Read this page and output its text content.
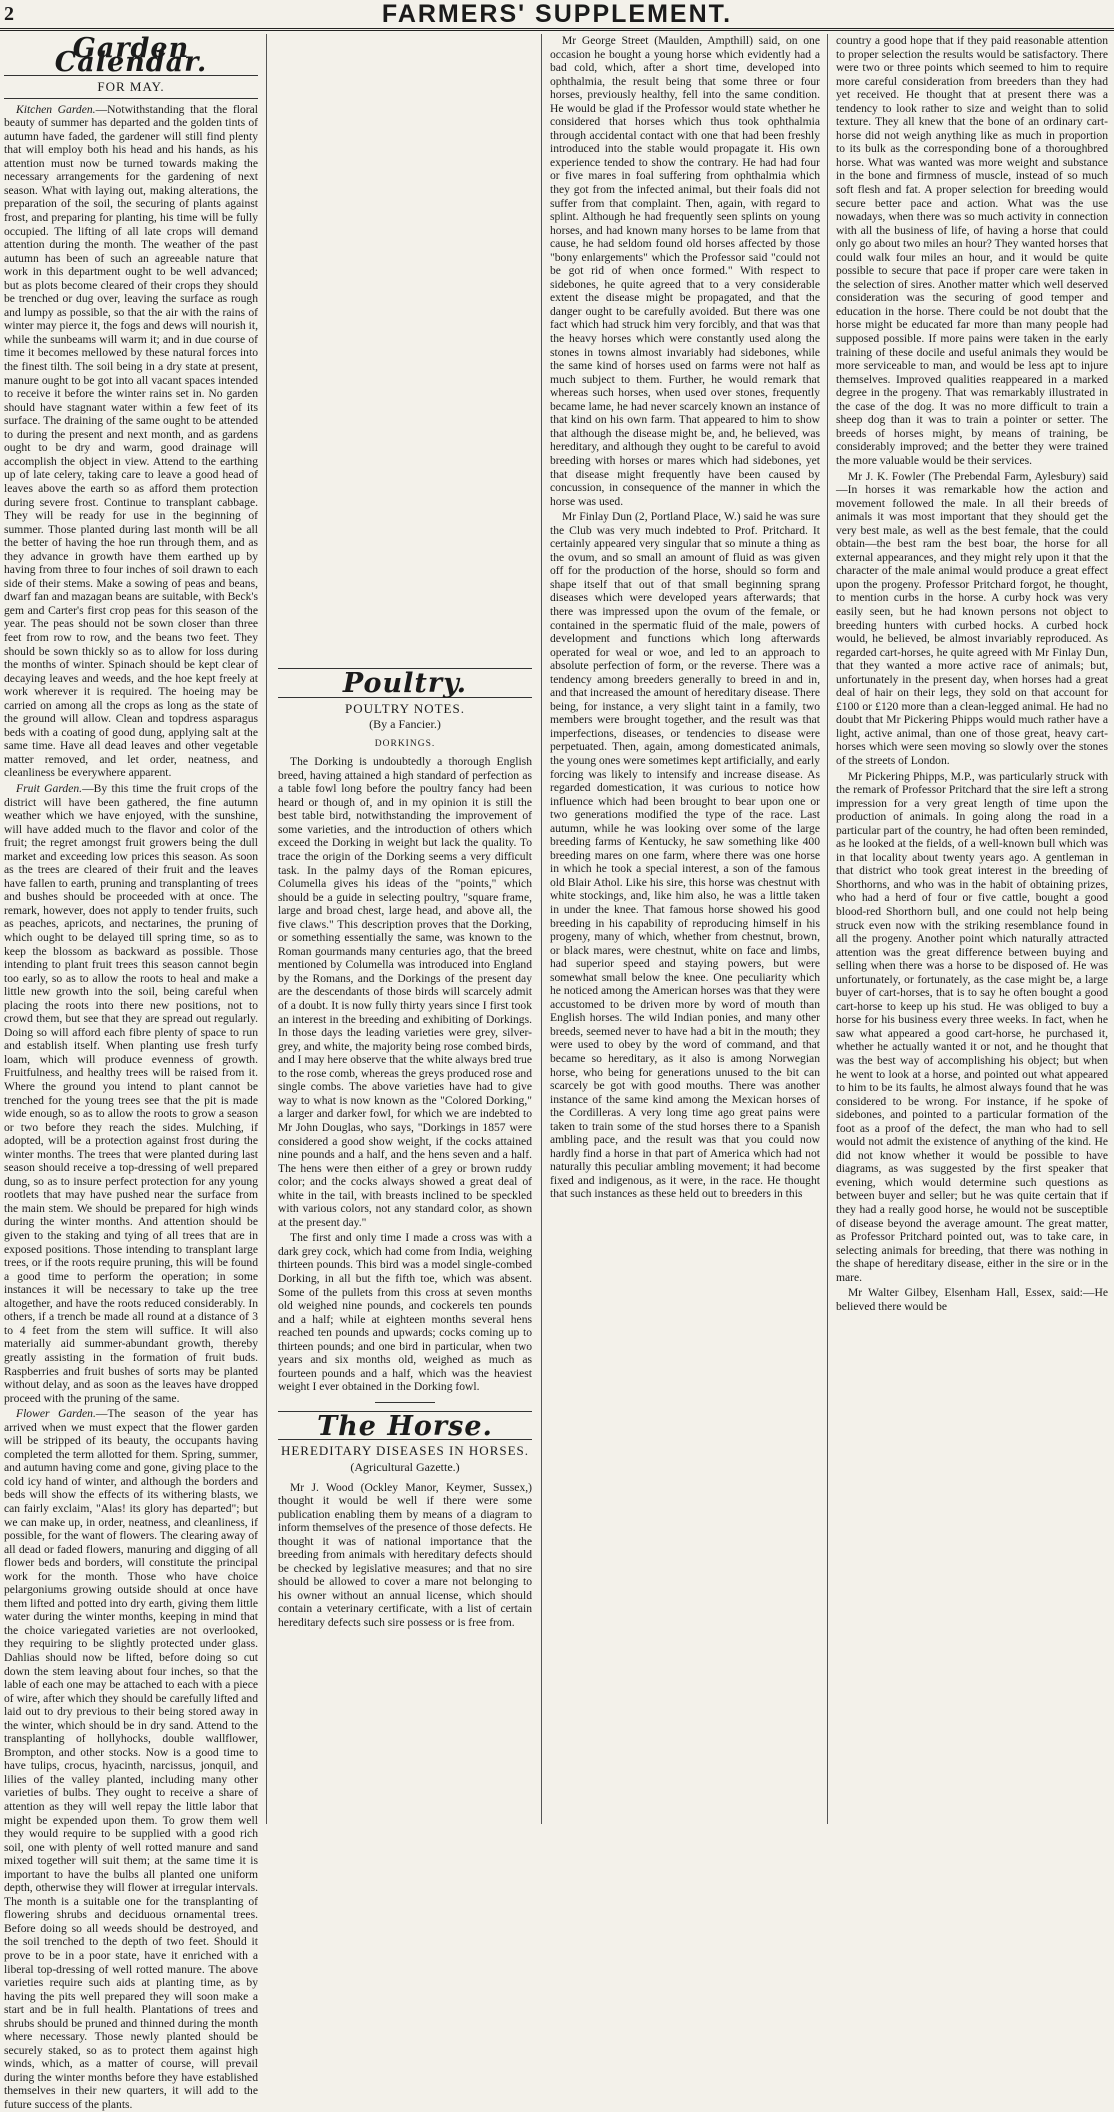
2	FARMERS' SUPPLEMENT.
Garden Calendar.
FOR MAY.

Kitchen Garden.—Notwithstanding that the floral beauty of summer has departed and the golden tints of autumn have faded, the gardener will still find plenty that will employ both his head and his hands, as his attention must now be turned towards making the necessary arrangements for the gardening of next season. What with laying out, making alterations, the preparation of the soil, the securing of plants against frost, and preparing for planting, his time will be fully occupied. The lifting of all late crops will demand attention during the month. The weather of the past autumn has been of such an agreeable nature that work in this department ought to be well advanced; but as plots become cleared of their crops they should be trenched or dug over, leaving the surface as rough and lumpy as possible, so that the air with the rains of winter may pierce it, the fogs and dews will nourish it, while the sunbeams will warm it; and in due course of time it becomes mellowed by these natural forces into the finest tilth. The soil being in a dry state at present, manure ought to be got into all vacant spaces intended to receive it before the winter rains set in. No garden should have stagnant water within a few feet of its surface. The draining of the same ought to be attended to during the present and next month, and as gardens ought to be dry and warm, good drainage will accomplish the object in view. Attend to the earthing up of late celery, taking care to leave a good head of leaves above the earth so as afford them protection during severe frost. Continue to transplant cabbage. They will be ready for use in the beginning of summer. Those planted during last month will be all the better of having the hoe run through them, and as they advance in growth have them earthed up by having from three to four inches of soil drawn to each side of their stems. Make a sowing of peas and beans, dwarf fan and mazagan beans are suitable, with Beck's gem and Carter's first crop peas for this season of the year. The peas should not be sown closer than three feet from row to row, and the beans two feet. They should be sown thickly so as to allow for loss during the months of winter. Spinach should be kept clear of decaying leaves and weeds, and the hoe kept freely at work wherever it is required. The hoeing may be carried on among all the crops as long as the state of the ground will allow. Clean and topdress asparagus beds with a coating of good dung, applying salt at the same time. Have all dead leaves and other vegetable matter removed, and let order, neatness, and cleanliness be everywhere apparent.

Fruit Garden.—By this time the fruit crops of the district will have been gathered, the fine autumn weather which we have enjoyed, with the sunshine, will have added much to the flavor and color of the fruit; the regret amongst fruit growers being the dull market and exceeding low prices this season. As soon as the trees are cleared of their fruit and the leaves have fallen to earth, pruning and transplanting of trees and bushes should be proceeded with at once. The remark, however, does not apply to tender fruits, such as peaches, apricots, and nectarines, the pruning of which ought to be delayed till spring time, so as to keep the blossom as backward as possible. Those intending to plant fruit trees this season cannot begin too early, so as to allow the roots to heal and make a little new growth into the soil, being careful when placing the roots into there new positions, not to crowd them, but see that they are spread out regularly. Doing so will afford each fibre plenty of space to run and establish itself. When planting use fresh turfy loam, which will produce evenness of growth. Fruitfulness, and healthy trees will be raised from it. Where the ground you intend to plant cannot be trenched for the young trees see that the pit is made wide enough, so as to allow the roots to grow a season or two before they reach the sides. Mulching, if adopted, will be a protection against frost during the winter months. The trees that were planted during last season should receive a top-dressing of well prepared dung, so as to insure perfect protection for any young rootlets that may have pushed near the surface from the main stem. We should be prepared for high winds during the winter months. And attention should be given to the staking and tying of all trees that are in exposed positions. Those intending to transplant large trees, or if the roots require pruning, this will be found a good time to perform the operation; in some instances it will be necessary to take up the tree altogether, and have the roots reduced considerably. In others, if a trench be made all round at a distance of 3 to 4 feet from the stem will suffice. It will also materially aid summer-abundant growth, thereby greatly assisting in the formation of fruit buds. Raspberries and fruit bushes of sorts may be planted without delay, and as soon as the leaves have dropped proceed with the pruning of the same.

Flower Garden.—The season of the year has arrived when we must expect that the flower garden will be stripped of its beauty, the occupants having completed the term allotted for them. Spring, summer, and autumn having come and gone, giving place to the cold icy hand of winter, and although the borders and beds will show the effects of its withering blasts, we can fairly exclaim, "Alas! its glory has departed"; but we can make up, in order, neatness, and cleanliness, if possible, for the want of flowers. The clearing away of all dead or faded flowers, manuring and digging of all flower beds and borders, will constitute the principal work for the month. Those who have choice pelargoniums growing outside should at once have them lifted and potted into dry earth, giving them little water during the winter months, keeping in mind that the choice variegated varieties are not overlooked, they requiring to be slightly protected under glass. Dahlias should now be lifted, before doing so cut down the stem leaving about four inches, so that the lable of each one may be attached to each with a piece of wire, after which they should be carefully lifted and laid out to dry previous to their being stored away in the winter, which should be in dry sand. Attend to the transplanting of hollyhocks, double wallflower, Brompton, and other stocks. Now is a good time to have tulips, crocus, hyacinth, narcissus, jonquil, and lilies of the valley planted, including many other varieties of bulbs. They ought to receive a share of attention as they will well repay the little labor that might be expended upon them. To grow them well they would require to be supplied with a good rich soil, one with plenty of well rotted manure and sand mixed together will suit them; at the same time it is important to have the bulbs all planted one uniform depth, otherwise they will flower at irregular intervals. The month is a suitable one for the transplanting of flowering shrubs and deciduous ornamental trees. Before doing so all weeds should be destroyed, and the soil trenched to the depth of two feet. Should it prove to be in a poor state, have it enriched with a liberal top-dressing of well rotted manure. The above varieties require such aids at planting time, as by having the pits well prepared they will soon make a start and be in full health. Plantations of trees and shrubs should be pruned and thinned during the month where necessary. Those newly planted should be securely staked, so as to protect them against high winds, which, as a matter of course, will prevail during the winter months before they have established themselves in their new quarters, it will add to the future success of the plants.

Poultry.
POULTRY NOTES.
(By a Fancier.)
DORKINGS.

The Dorking is undoubtedly a thorough English breed, having attained a high standard of perfection as a table fowl long before the poultry fancy had been heard or though of, and in my opinion it is still the best table bird, notwithstanding the improvement of some varieties, and the introduction of others which exceed the Dorking in weight but lack the quality. To trace the origin of the Dorking seems a very difficult task. In the palmy days of the Roman epicures, Columella gives his ideas of the "points," which should be a guide in selecting poultry, "square frame, large and broad chest, large head, and above all, the five claws." This description proves that the Dorking, or something essentially the same, was known to the Roman gourmands many centuries ago, that the breed mentioned by Columella was introduced into England by the Romans, and the Dorkings of the present day are the descendants of those birds will scarcely admit of a doubt. It is now fully thirty years since I first took an interest in the breeding and exhibiting of Dorkings. In those days the leading varieties were grey, silver-grey, and white, the majority being rose combed birds, and I may here observe that the white always bred true to the rose comb, whereas the greys produced rose and single combs. The above varieties have had to give way to what is now known as the "Colored Dorking," a larger and darker fowl, for which we are indebted to Mr John Douglas, who says, "Dorkings in 1857 were considered a good show weight, if the cocks attained nine pounds and a half, and the hens seven and a half. The hens were then either of a grey or brown ruddy color; and the cocks always showed a great deal of white in the tail, with breasts inclined to be speckled with various colors, not any standard color, as shown at the present day."

The first and only time I made a cross was with a dark grey cock, which had come from India, weighing thirteen pounds. This bird was a model single-combed Dorking, in all but the fifth toe, which was absent. Some of the pullets from this cross at seven months old weighed nine pounds, and cockerels ten pounds and a half; while at eighteen months several hens reached ten pounds and upwards; cocks coming up to thirteen pounds; and one bird in particular, when two years and six months old, weighed as much as fourteen pounds and a half, which was the heaviest weight I ever obtained in the Dorking fowl.

The Horse.
HEREDITARY DISEASES IN HORSES.
(Agricultural Gazette.)

Mr J. Wood (Ockley Manor, Keymer, Sussex,) thought it would be well if there were some publication enabling them by means of a diagram to inform themselves of the presence of those defects. He thought it was of national importance that the breeding from animals with hereditary defects should be checked by legislative measures; and that no sire should be allowed to cover a mare not belonging to his owner without an annual license, which should contain a veterinary certificate, with a list of certain hereditary defects such sire possess or is free from.

Mr George Street (Maulden, Ampthill) said, on one occasion he bought a young horse which evidently had a bad cold, which, after a short time, developed into ophthalmia, the result being that some three or four horses, previously healthy, fell into the same condition. He would be glad if the Professor would state whether he considered that horses which thus took ophthalmia through accidental contact with one that had been freshly introduced into the stable would propagate it. His own experience tended to show the contrary. He had had four or five mares in foal suffering from ophthalmia which they got from the infected animal, but their foals did not suffer from that complaint. Then, again, with regard to splint. Although he had frequently seen splints on young horses, and had known many horses to be lame from that cause, he had seldom found old horses affected by those "bony enlargements" which the Professor said "could not be got rid of when once formed." With respect to sidebones, he quite agreed that to a very considerable extent the disease might be propagated, and that the danger ought to be carefully avoided. But there was one fact which had struck him very forcibly, and that was that the heavy horses which were constantly used along the stones in towns almost invariably had sidebones, while the same kind of horses used on farms were not half as much subject to them. Further, he would remark that whereas such horses, when used over stones, frequently became lame, he had never scarcely known an instance of that kind on his own farm. That appeared to him to show that although the disease might be, and, he believed, was hereditary, and although they ought to be careful to avoid breeding with horses or mares which had sidebones, yet that disease might frequently have been caused by concussion, in consequence of the manner in which the horse was used.

Mr Finlay Dun (2, Portland Place, W.) said he was sure the Club was very much indebted to Prof. Pritchard. It certainly appeared very singular that so minute a thing as the ovum, and so small an amount of fluid as was given off for the production of the horse, should so form and shape itself that out of that small beginning sprang diseases which were developed years afterwards; that there was impressed upon the ovum of the female, or contained in the spermatic fluid of the male, powers of development and functions which long afterwards operated for weal or woe, and led to an approach to absolute perfection of form, or the reverse. There was a tendency among breeders generally to breed in and in, and that increased the amount of hereditary disease. There being, for instance, a very slight taint in a family, two members were brought together, and the result was that imperfections, diseases, or tendencies to disease were perpetuated. Then, again, among domesticated animals, the young ones were sometimes kept artificially, and early forcing was likely to intensify and increase disease. As regarded domestication, it was curious to notice how influence which had been brought to bear upon one or two generations modified the type of the race. Last autumn, while he was looking over some of the large breeding farms of Kentucky, he saw something like 400 breeding mares on one farm, where there was one horse in which he took a special interest, a son of the famous old Blair Athol. Like his sire, this horse was chestnut with white stockings, and, like him also, he was a little taken in under the knee. That famous horse showed his good breeding in his capability of reproducing himself in his progeny, many of which, whether from chestnut, brown, or black mares, were chestnut, white on face and limbs, had superior speed and staying powers, but were somewhat small below the knee. One peculiarity which he noticed among the American horses was that they were accustomed to be driven more by word of mouth than English horses. The wild Indian ponies, and many other breeds, seemed never to have had a bit in the mouth; they were used to obey by the word of command, and that became so hereditary, as it also is among Norwegian horse, who being for generations unused to the bit can scarcely be got with good mouths. There was another instance of the same kind among the Mexican horses of the Cordilleras. A very long time ago great pains were taken to train some of the stud horses there to a Spanish ambling pace, and the result was that you could now hardly find a horse in that part of America which had not naturally this peculiar ambling movement; it had become fixed and indigenous, as it were, in the race. He thought that such instances as these held out to breeders in this

country a good hope that if they paid reasonable attention to proper selection the results would be satisfactory. There were two or three points which seemed to him to require more careful consideration from breeders than they had yet received. He thought that at present there was a tendency to look rather to size and weight than to solid texture. They all knew that the bone of an ordinary cart-horse did not weigh anything like as much in proportion to its bulk as the corresponding bone of a thoroughbred horse. What was wanted was more weight and substance in the bone and firmness of muscle, instead of so much soft flesh and fat. A proper selection for breeding would secure better pace and action. What was the use nowadays, when there was so much activity in connection with all the business of life, of having a horse that could only go about two miles an hour? They wanted horses that could walk four miles an hour, and it would be quite possible to secure that pace if proper care were taken in the selection of sires. Another matter which well deserved consideration was the securing of good temper and education in the horse. There could be not doubt that the horse might be educated far more than many people had supposed possible. If more pains were taken in the early training of these docile and useful animals they would be more serviceable to man, and would be less apt to injure themselves. Improved qualities reappeared in a marked degree in the progeny. That was remarkably illustrated in the case of the dog. It was no more difficult to train a sheep dog than it was to train a pointer or setter. The breeds of horses might, by means of training, be considerably improved; and the better they were trained the more valuable would be their services.

Mr J. K. Fowler (The Prebendal Farm, Aylesbury) said—In horses it was remarkable how the action and movement followed the male. In all their breeds of animals it was most important that they should get the very best male, as well as the best female, that the could obtain—the best ram the best boar, the horse for all external appearances, and they might rely upon it that the character of the male animal would produce a great effect upon the progeny. Professor Pritchard forgot, he thought, to mention curbs in the horse. A curby hock was very easily seen, but he had known persons not object to breeding hunters with curbed hocks. A curbed hock would, he believed, be almost invariably reproduced. As regarded cart-horses, he quite agreed with Mr Finlay Dun, that they wanted a more active race of animals; but, unfortunately in the present day, when horses had a great deal of hair on their legs, they sold on that account for £100 or £120 more than a clean-legged animal. He had no doubt that Mr Pickering Phipps would much rather have a light, active animal, than one of those great, heavy cart-horses which were seen moving so slowly over the stones of the streets of London.

Mr Pickering Phipps, M.P., was particularly struck with the remark of Professor Pritchard that the sire left a strong impression for a very great length of time upon the production of animals. In going along the road in a particular part of the country, he had often been reminded, as he looked at the fields, of a well-known bull which was in that locality about twenty years ago. A gentleman in that district who took great interest in the breeding of Shorthorns, and who was in the habit of obtaining prizes, who had a herd of four or five cattle, bought a good blood-red Shorthorn bull, and one could not help being struck even now with the striking resemblance found in all the progeny. Another point which naturally attracted attention was the great difference between buying and selling when there was a horse to be disposed of. He was unfortunately, or fortunately, as the case might be, a large buyer of cart-horses, that is to say he often bought a good cart-horse to keep up his stud. He was obliged to buy a horse for his business every three weeks. In fact, when he saw what appeared a good cart-horse, he purchased it, whether he actually wanted it or not, and he thought that was the best way of accomplishing his object; but when he went to look at a horse, and pointed out what appeared to him to be its faults, he almost always found that he was considered to be wrong. For instance, if he spoke of sidebones, and pointed to a particular formation of the foot as a proof of the defect, the man who had to sell would not admit the existence of anything of the kind. He did not know whether it would be possible to have diagrams, as was suggested by the first speaker that evening, which would determine such questions as between buyer and seller; but he was quite certain that if they had a really good horse, he would not be susceptible of disease beyond the average amount. The great matter, as Professor Pritchard pointed out, was to take care, in selecting animals for breeding, that there was nothing in the shape of hereditary disease, either in the sire or in the mare.

Mr Walter Gilbey, Elsenham Hall, Essex, said:—He believed there would be
